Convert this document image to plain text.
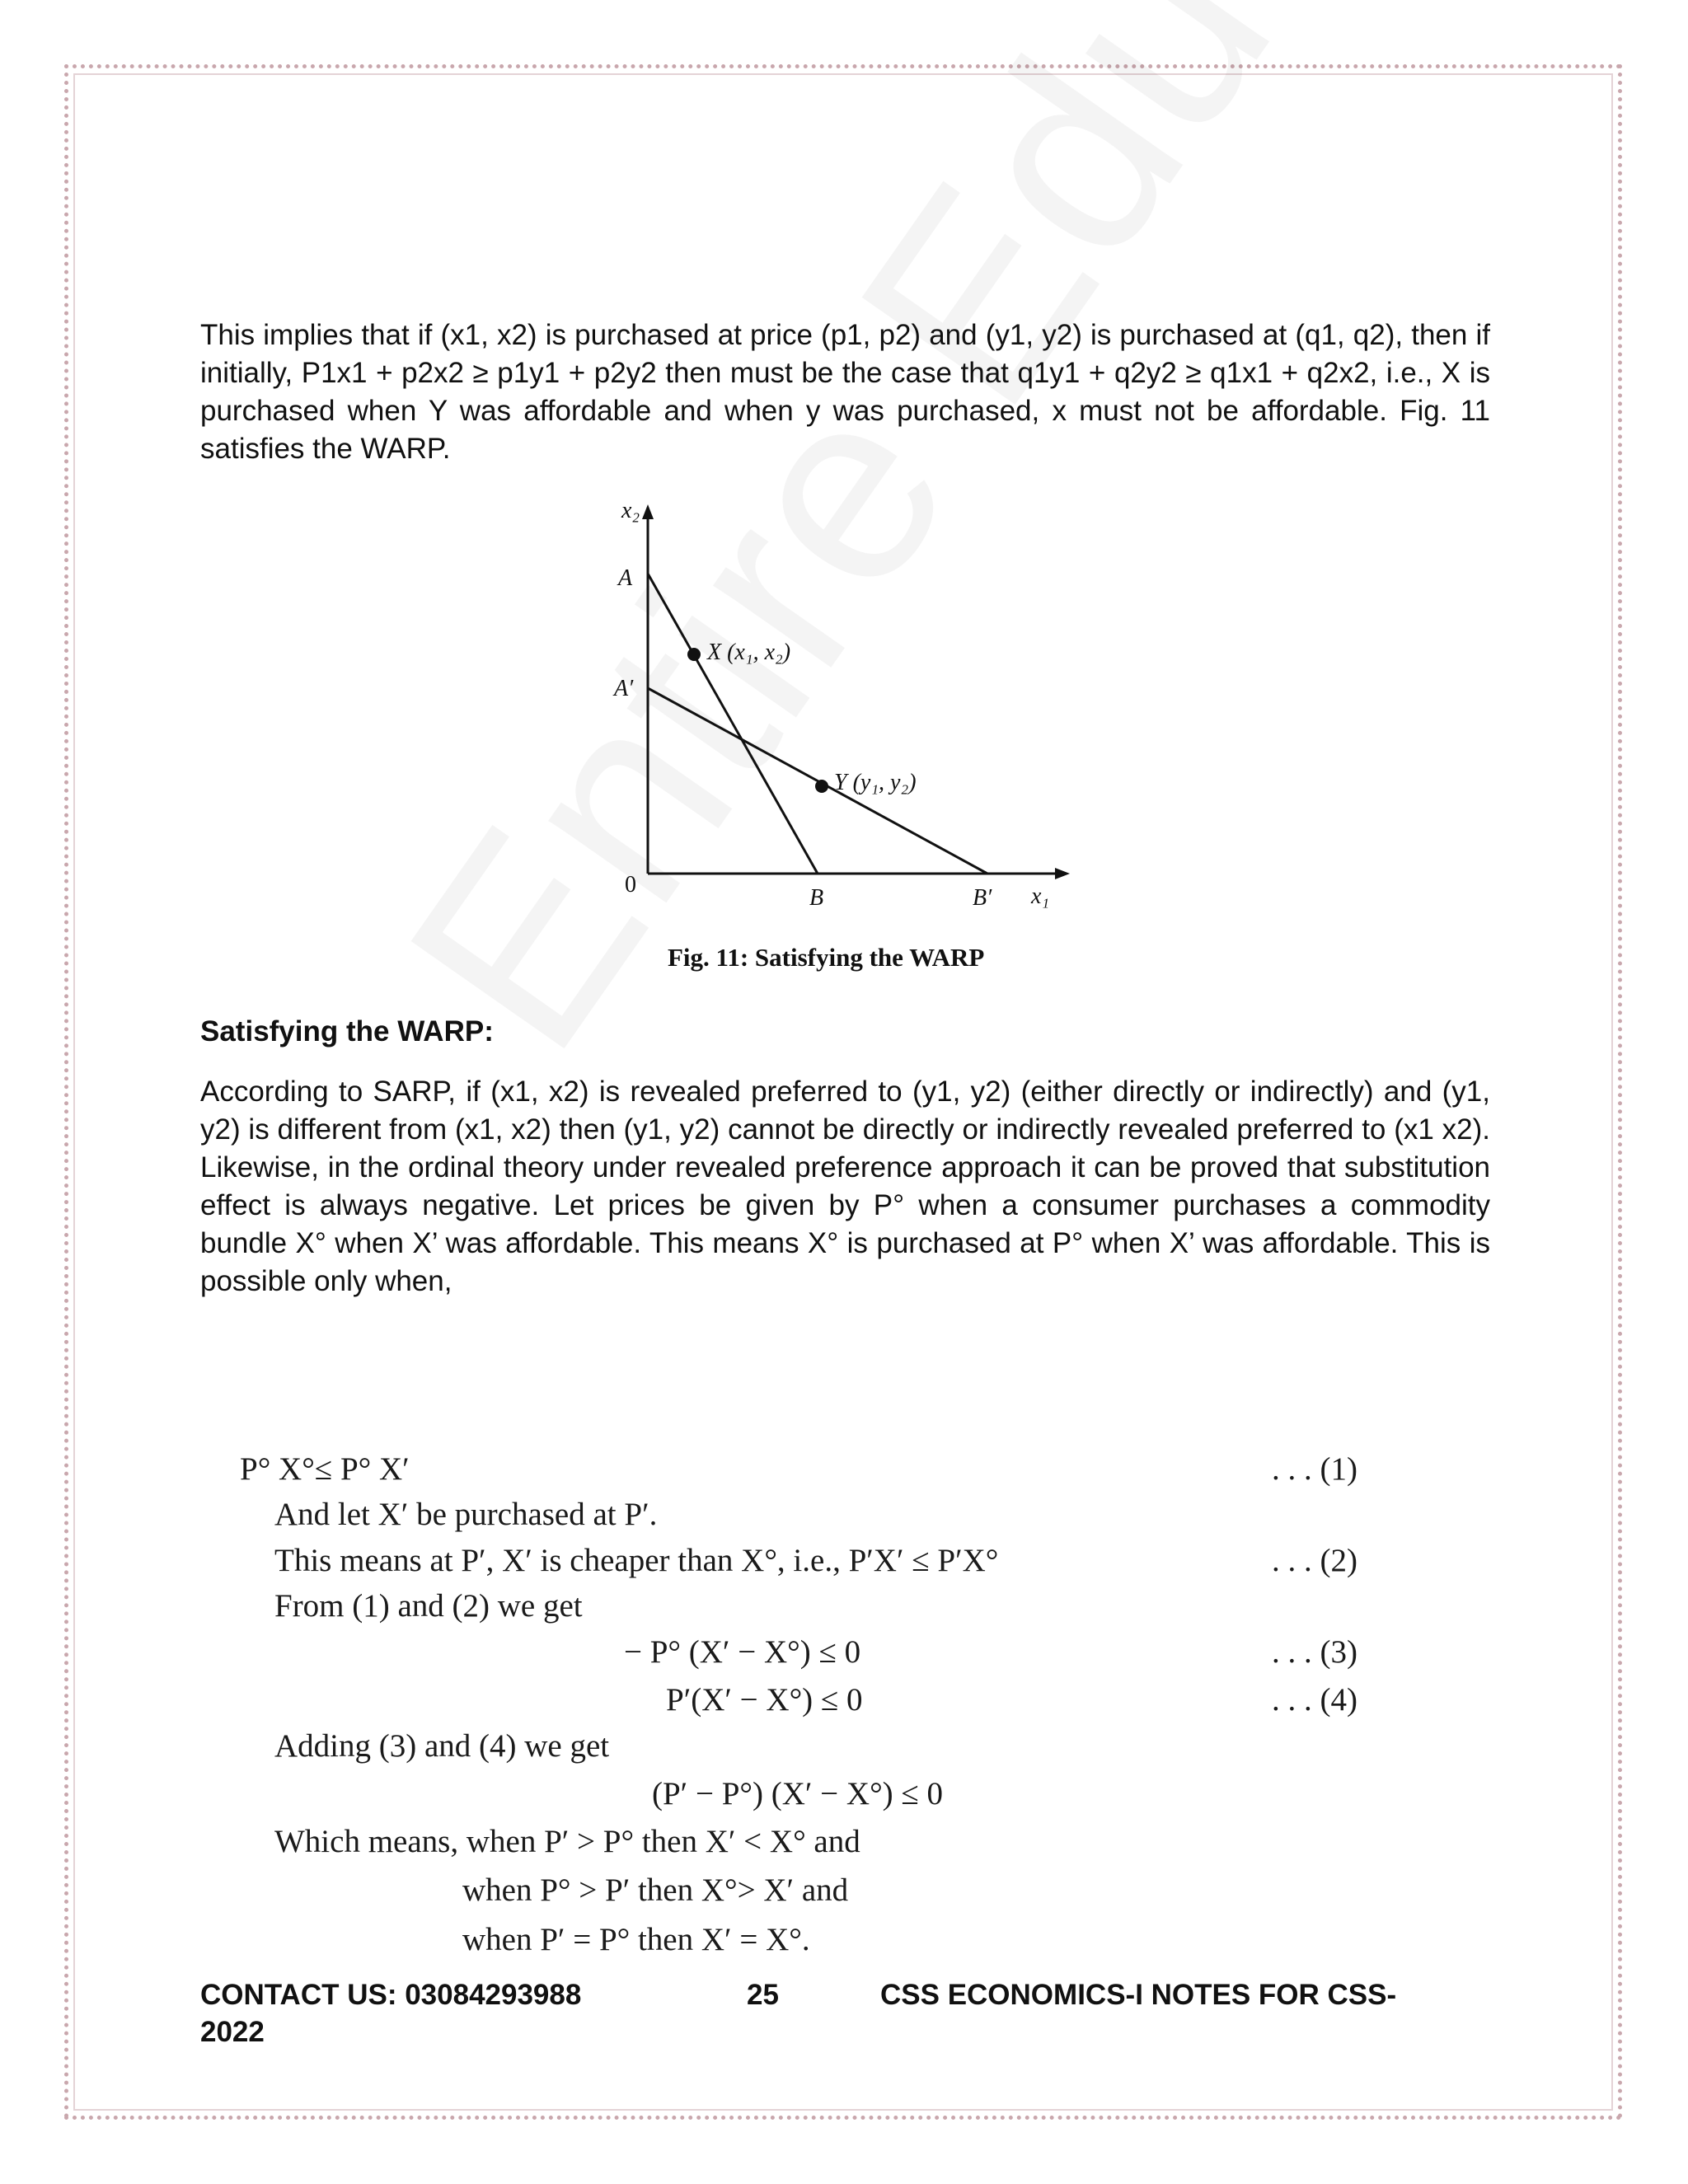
This implies that if (x1, x2) is purchased at price (p1, p2) and (y1, y2) is purchased at (q1, q2), then if initially, P1x1 + p2x2 ≥ p1y1 + p2y2 then must be the case that q1y1 + q2y2 ≥ q1x1 + q2x2, i.e., X is purchased when Y was affordable and when y was purchased, x must not be affordable. Fig. 11 satisfies the WARP.

x₂
x₁
0
A
A′
B	B′
X (x₁, x₂)
Y (y₁, y₂)
Fig. 11: Satisfying the WARP
Satisfying the WARP:

According to SARP, if (x1, x2) is revealed preferred to (y1, y2) (either directly or indirectly) and (y1, y2) is different from (x1, x2) then (y1, y2) cannot be directly or indirectly revealed preferred to (x1 x2). Likewise, in the ordinal theory under revealed preference approach it can be proved that substitution effect is always negative. Let prices be given by P° when a consumer purchases a commodity bundle X° when X’ was affordable. This means X° is purchased at P° when X’ was affordable. This is possible only when,

P° X°≤ P° X′	. . . (1)
And let X′ be purchased at P′.
This means at P′, X′ is cheaper than X°, i.e., P′X′ ≤ P′X°	. . . (2)
From (1) and (2) we get
− P° (X′ − X°) ≤ 0	. . . (3)
P′(X′ − X°) ≤ 0	. . . (4)
Adding (3) and (4) we get
(P′ − P°) (X′ − X°) ≤ 0
Which means, when P′ > P° then X′ < X° and
when P° > P′ then X°> X′ and
when P′ = P° then X′ = X°.
CONTACT US: 03084293988
2022
25	CSS ECONOMICS-I NOTES FOR CSS-
